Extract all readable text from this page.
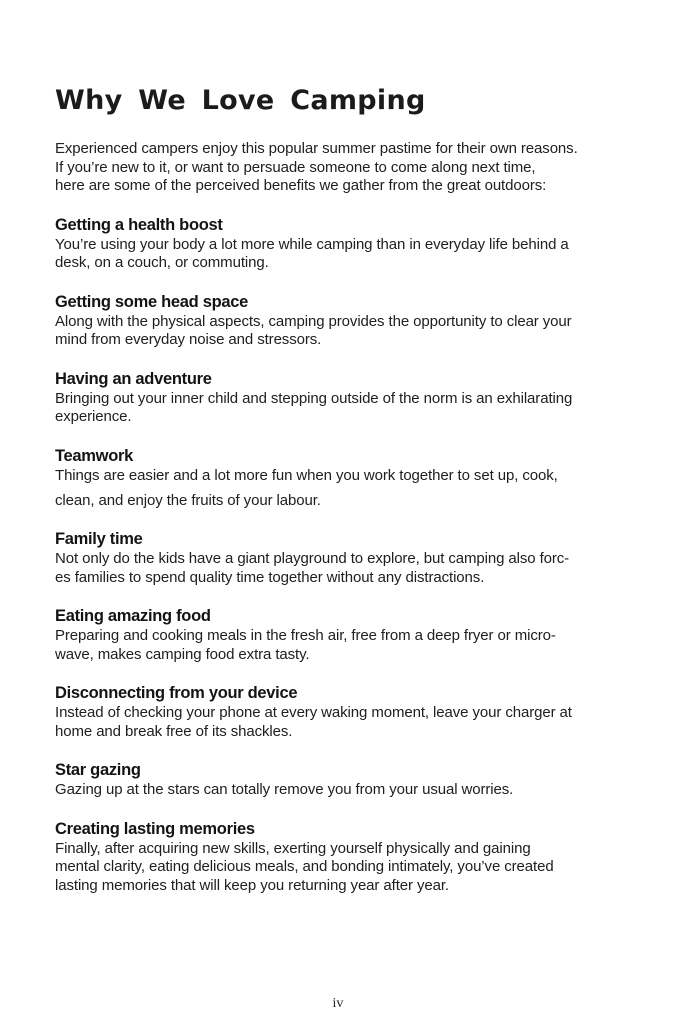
Why We Love Camping
Experienced campers enjoy this popular summer pastime for their own reasons.
If you’re new to it, or want to persuade someone to come along next time,
here are some of the perceived benefits we gather from the great outdoors:
Getting a health boost
You’re using your body a lot more while camping than in everyday life behind a
desk, on a couch, or commuting.
Getting some head space
Along with the physical aspects, camping provides the opportunity to clear your
mind from everyday noise and stressors.
Having an adventure
Bringing out your inner child and stepping outside of the norm is an exhilarating
experience.
Teamwork
Things are easier and a lot more fun when you work together to set up, cook,
clean, and enjoy the fruits of your labour.
Family time
Not only do the kids have a giant playground to explore, but camping also forc-
es families to spend quality time together without any distractions.
Eating amazing food
Preparing and cooking meals in the fresh air, free from a deep fryer or micro-
wave, makes camping food extra tasty.
Disconnecting from your device
Instead of checking your phone at every waking moment, leave your charger at
home and break free of its shackles.
Star gazing
Gazing up at the stars can totally remove you from your usual worries.
Creating lasting memories
Finally, after acquiring new skills, exerting yourself physically and gaining
mental clarity, eating delicious meals, and bonding intimately, you’ve created
lasting memories that will keep you returning year after year.
iv
